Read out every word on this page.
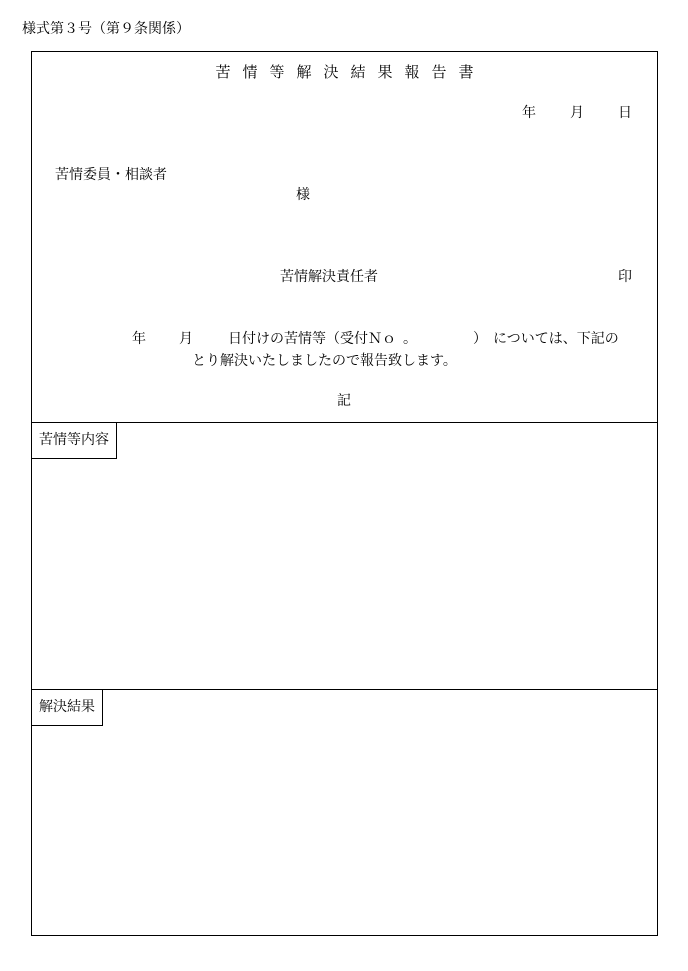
様式第３号（第９条関係）
苦情等解決結果報告書
年 月 日
苦情委員・相談者
様
苦情解決責任者	印
年 月	日付けの苦情等（受付Ｎｏ 。	） については、下記の
とり解決いたしましたので報告致します。
記
苦情等内容
解決結果
